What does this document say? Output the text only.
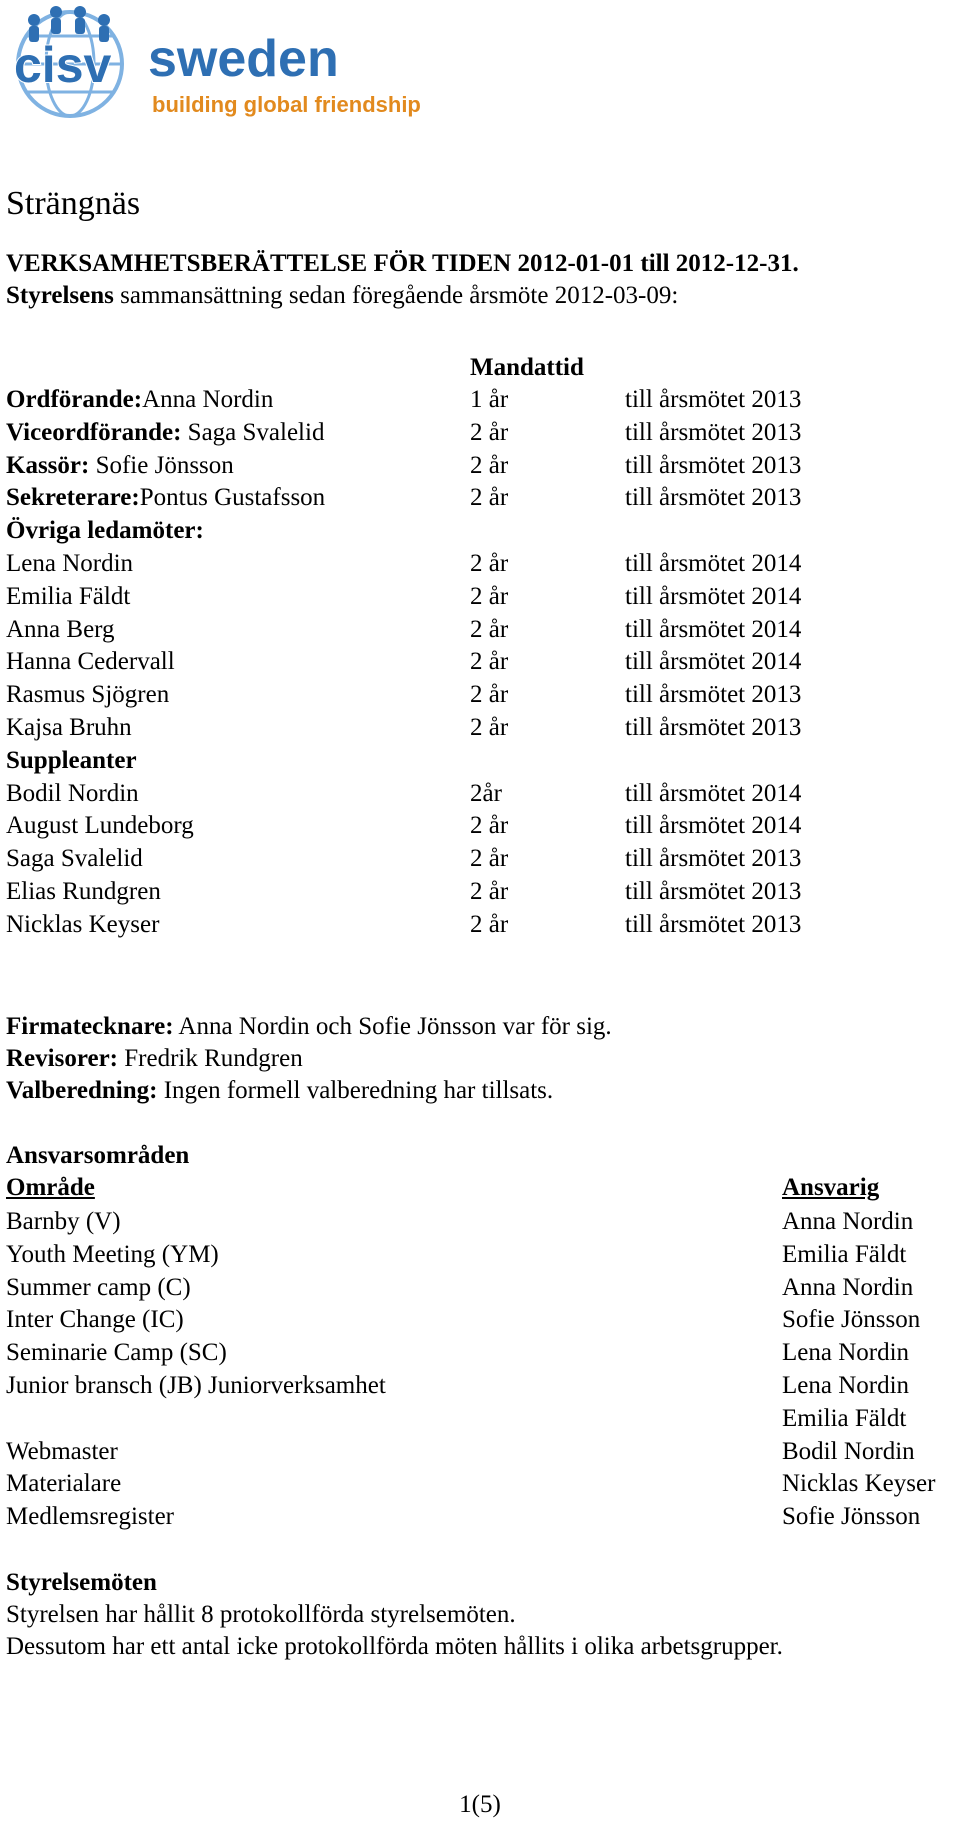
cisv sweden
building global friendship
Strängnäs
VERKSAMHETSBERÄTTELSE FÖR TIDEN 2012-01-01 till 2012-12-31.
Styrelsens sammansättning sedan föregående årsmöte 2012-03-09:
Mandattid
Ordförande:Anna Nordin	1 år	till årsmötet 2013
Viceordförande: Saga Svalelid	2 år	till årsmötet 2013
Kassör: Sofie Jönsson	2 år	till årsmötet 2013
Sekreterare:Pontus Gustafsson	2 år	till årsmötet 2013
Övriga ledamöter:
Lena Nordin	2 år	till årsmötet 2014
Emilia Fäldt	2 år	till årsmötet 2014
Anna Berg	2 år	till årsmötet 2014
Hanna Cedervall	2 år	till årsmötet 2014
Rasmus Sjögren	2 år	till årsmötet 2013
Kajsa Bruhn	2 år	till årsmötet 2013
Suppleanter
Bodil Nordin	2år	till årsmötet 2014
August Lundeborg	2 år	till årsmötet 2014
Saga Svalelid	2 år	till årsmötet 2013
Elias Rundgren	2 år	till årsmötet 2013
Nicklas Keyser	2 år	till årsmötet 2013
Firmatecknare: Anna Nordin och Sofie Jönsson var för sig.
Revisorer: Fredrik Rundgren
Valberedning: Ingen formell valberedning har tillsats.
Ansvarsområden
Område	Ansvarig
Barnby (V)	Anna Nordin
Youth Meeting (YM)	Emilia Fäldt
Summer camp (C)	Anna Nordin
Inter Change (IC)	Sofie Jönsson
Seminarie Camp (SC)	Lena Nordin
Junior bransch (JB) Juniorverksamhet	Lena Nordin
Emilia Fäldt
Webmaster	Bodil Nordin
Materialare	Nicklas Keyser
Medlemsregister	Sofie Jönsson
Styrelsemöten
Styrelsen har hållit 8 protokollförda styrelsemöten.
Dessutom har ett antal icke protokollförda möten hållits i olika arbetsgrupper.
1(5)
